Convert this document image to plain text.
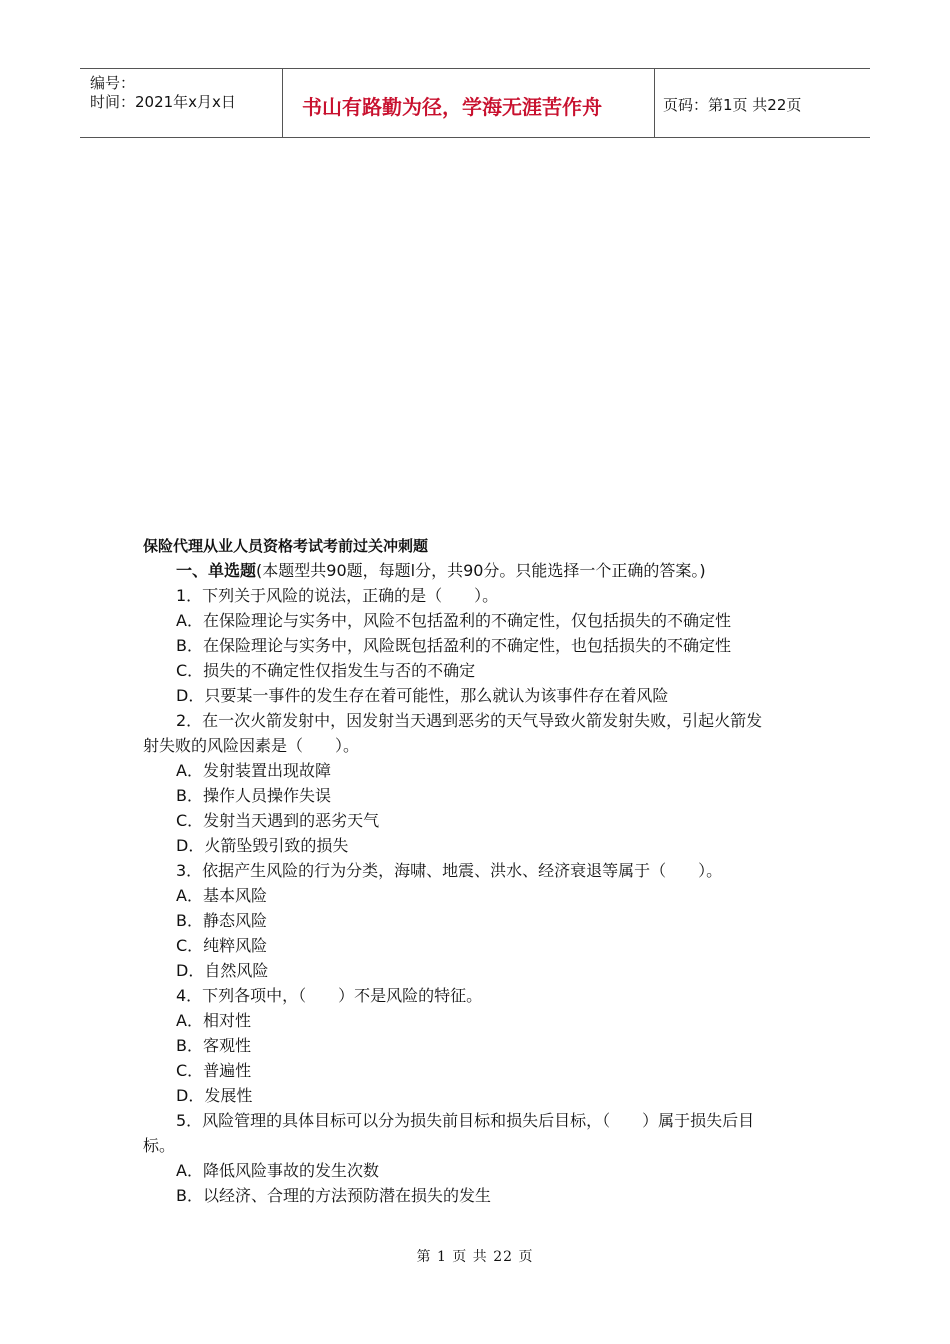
编号：
时间：2021年x月x日	书山有路勤为径，学海无涯苦作舟	页码：第1页 共22页
保险代理从业人员资格考试考前过关冲刺题
一、单选题(本题型共90题，每题l分，共90分。只能选择一个正确的答案。)
1．下列关于风险的说法，正确的是（　　）。
A．在保险理论与实务中，风险不包括盈利的不确定性，仅包括损失的不确定性
B．在保险理论与实务中，风险既包括盈利的不确定性，也包括损失的不确定性
C．损失的不确定性仅指发生与否的不确定
D．只要某一事件的发生存在着可能性，那么就认为该事件存在着风险
2．在一次火箭发射中，因发射当天遇到恶劣的天气导致火箭发射失败，引起火箭发
射失败的风险因素是（　　）。
A．发射装置出现故障
B．操作人员操作失误
C．发射当天遇到的恶劣天气
D．火箭坠毁引致的损失
3．依据产生风险的行为分类，海啸、地震、洪水、经济衰退等属于（　　）。
A．基本风险
B．静态风险
C．纯粹风险
D．自然风险
4．下列各项中，（　　）不是风险的特征。
A．相对性
B．客观性
C．普遍性
D．发展性
5．风险管理的具体目标可以分为损失前目标和损失后目标，（　　）属于损失后目
标。
A．降低风险事故的发生次数
B．以经济、合理的方法预防潜在损失的发生
第 1 页 共 22 页
